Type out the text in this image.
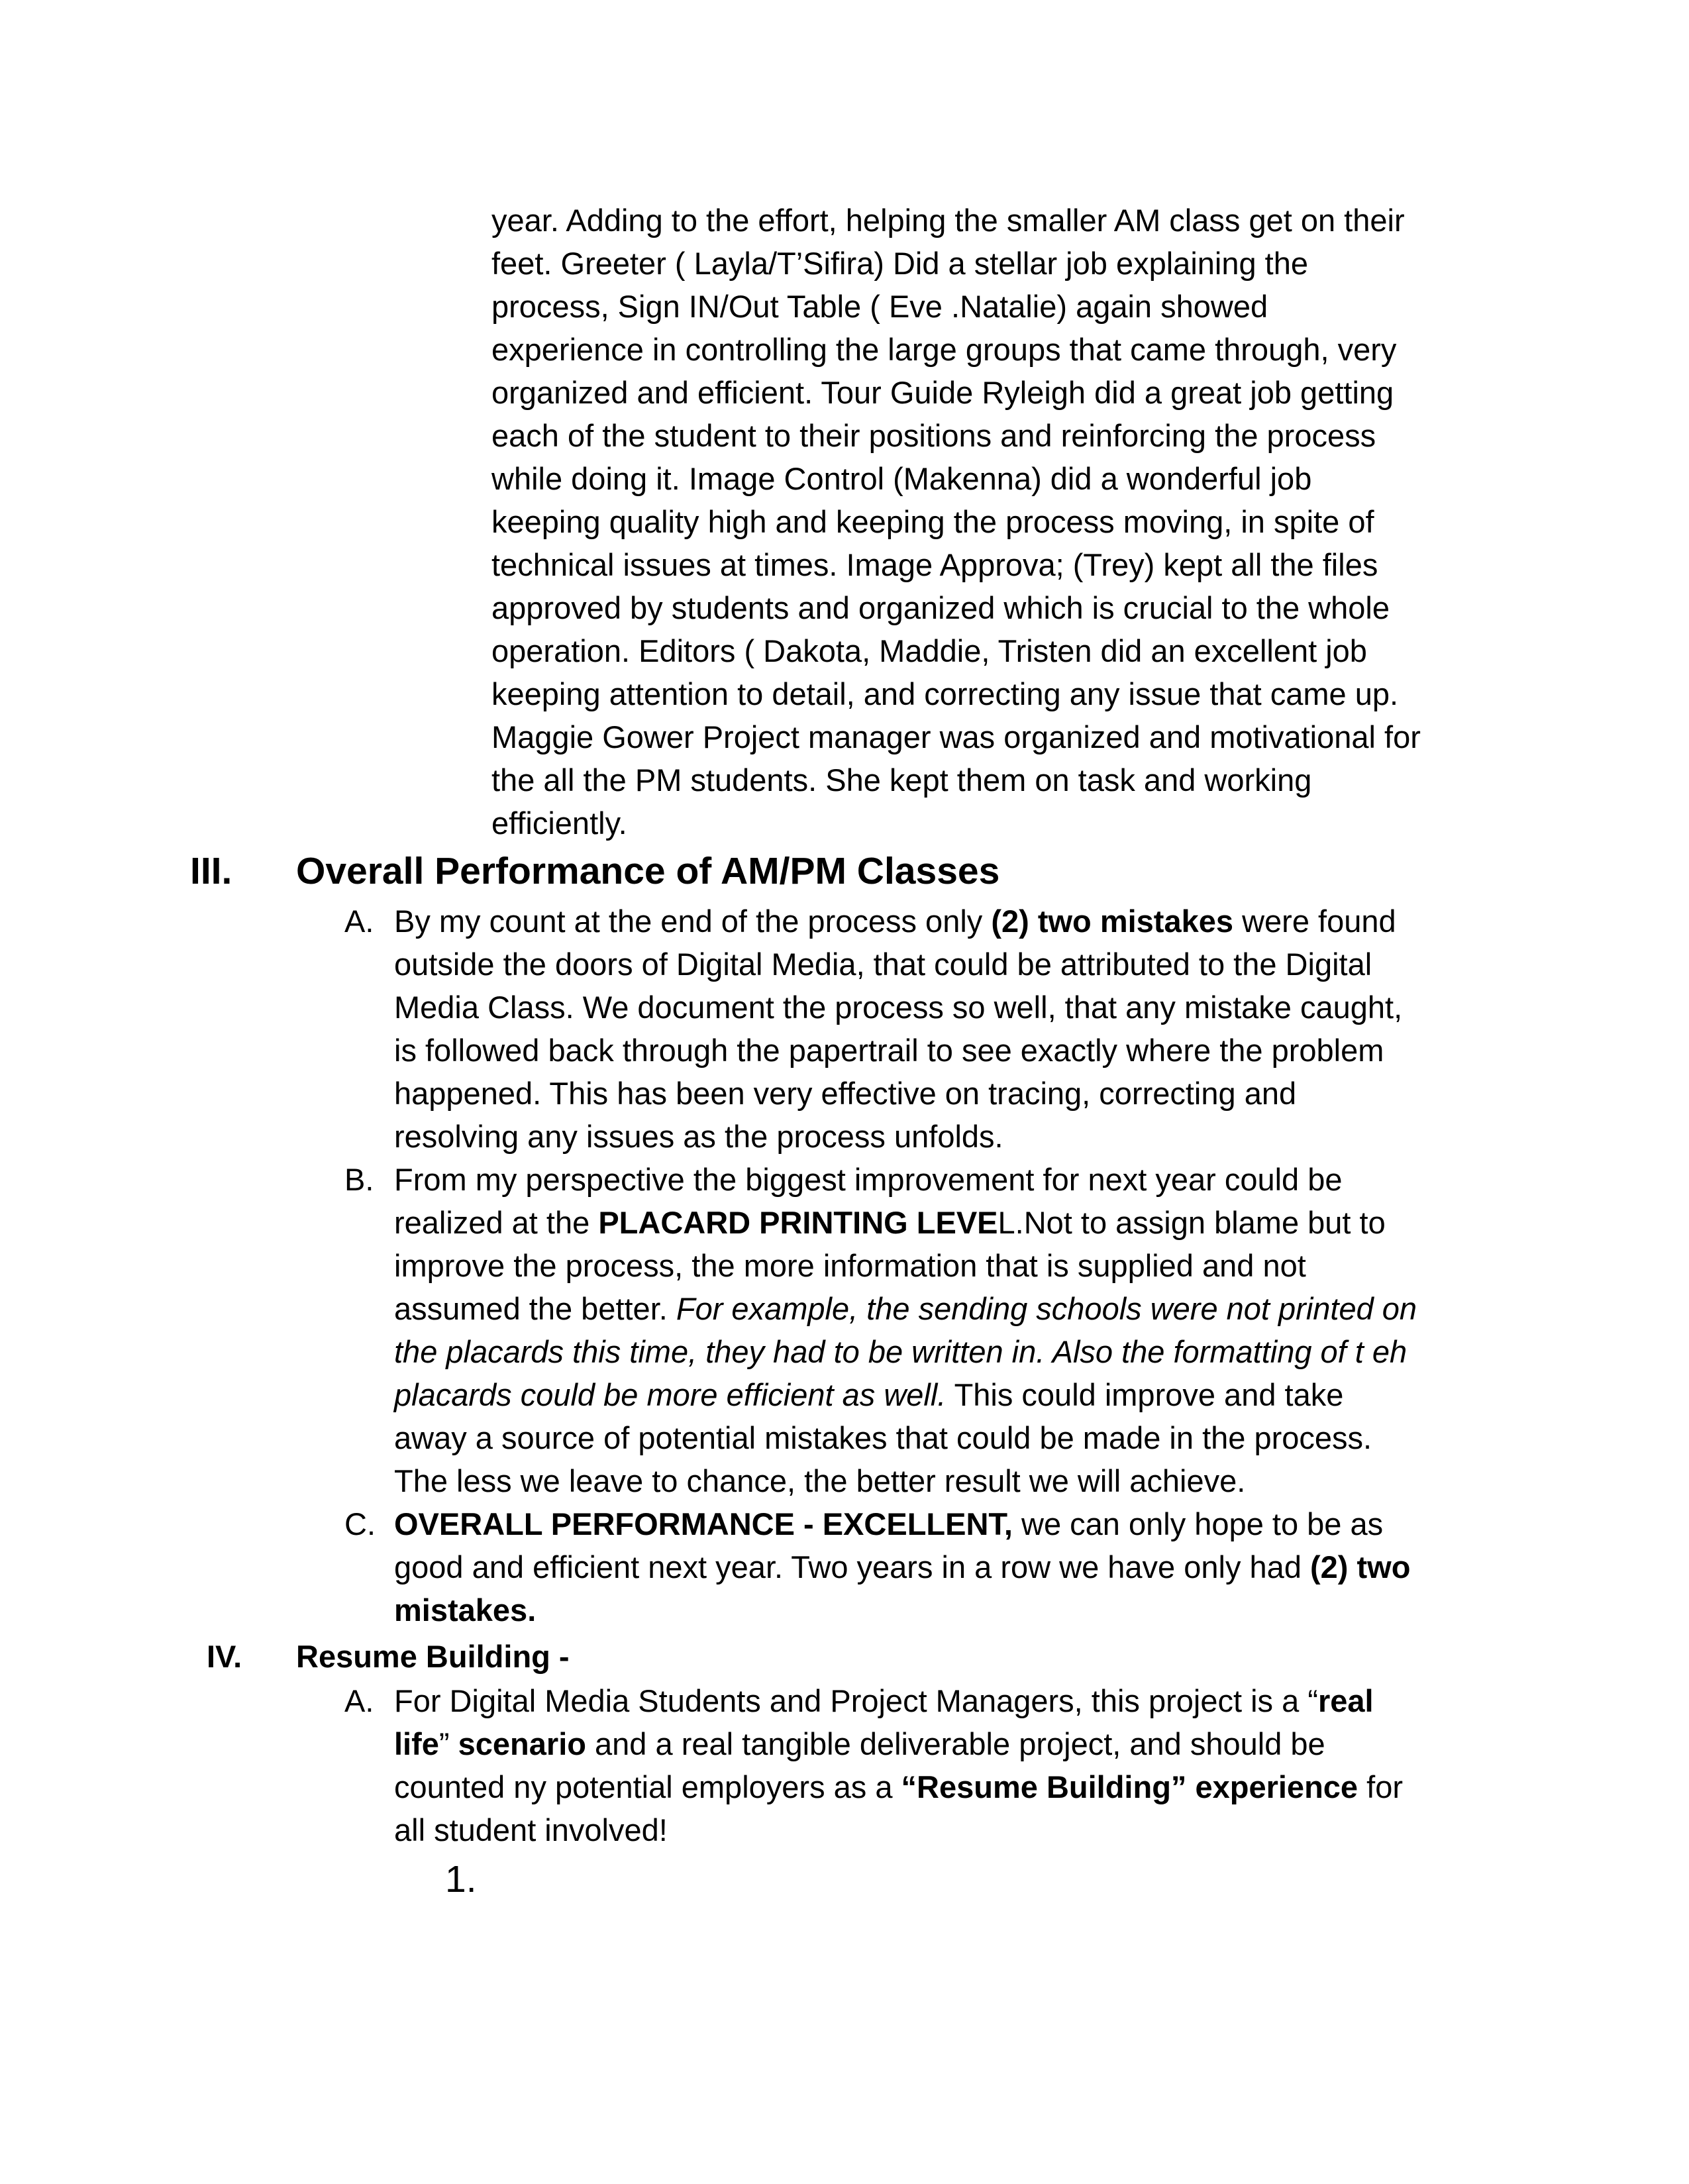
year. Adding to the effort, helping the smaller AM class get on their
feet. Greeter ( Layla/T’Sifira) Did a stellar job explaining the
process, Sign IN/Out Table ( Eve .Natalie) again showed
experience in controlling the large groups that came through, very
organized and efficient. Tour Guide Ryleigh did a great job getting
each of the student to their positions and reinforcing the process
while doing it. Image Control (Makenna) did a wonderful job
keeping quality high and keeping the process moving, in spite of
technical issues at times. Image Approva; (Trey) kept all the files
approved by students and organized which is crucial to the whole
operation. Editors ( Dakota, Maddie, Tristen did an excellent job
keeping attention to detail, and correcting any issue that came up.
Maggie Gower Project manager was organized and motivational for
the all the PM students. She kept them on task and working
efficiently.
III. Overall Performance of AM/PM Classes
A. By my count at the end of the process only (2) two mistakes were found
outside the doors of Digital Media, that could be attributed to the Digital
Media Class. We document the process so well, that any mistake caught,
is followed back through the papertrail to see exactly where the problem
happened. This has been very effective on tracing, correcting and
resolving any issues as the process unfolds.
B. From my perspective the biggest improvement for next year could be
realized at the PLACARD PRINTING LEVEL.Not to assign blame but to
improve the process, the more information that is supplied and not
assumed the better. For example, the sending schools were not printed on
the placards this time, they had to be written in. Also the formatting of t eh
placards could be more efficient as well. This could improve and take
away a source of potential mistakes that could be made in the process.
The less we leave to chance, the better result we will achieve.
C. OVERALL PERFORMANCE - EXCELLENT, we can only hope to be as
good and efficient next year. Two years in a row we have only had (2) two
mistakes.
IV. Resume Building -
A. For Digital Media Students and Project Managers, this project is a “real
life” scenario and a real tangible deliverable project, and should be
counted ny potential employers as a “Resume Building” experience for
all student involved!
1.
